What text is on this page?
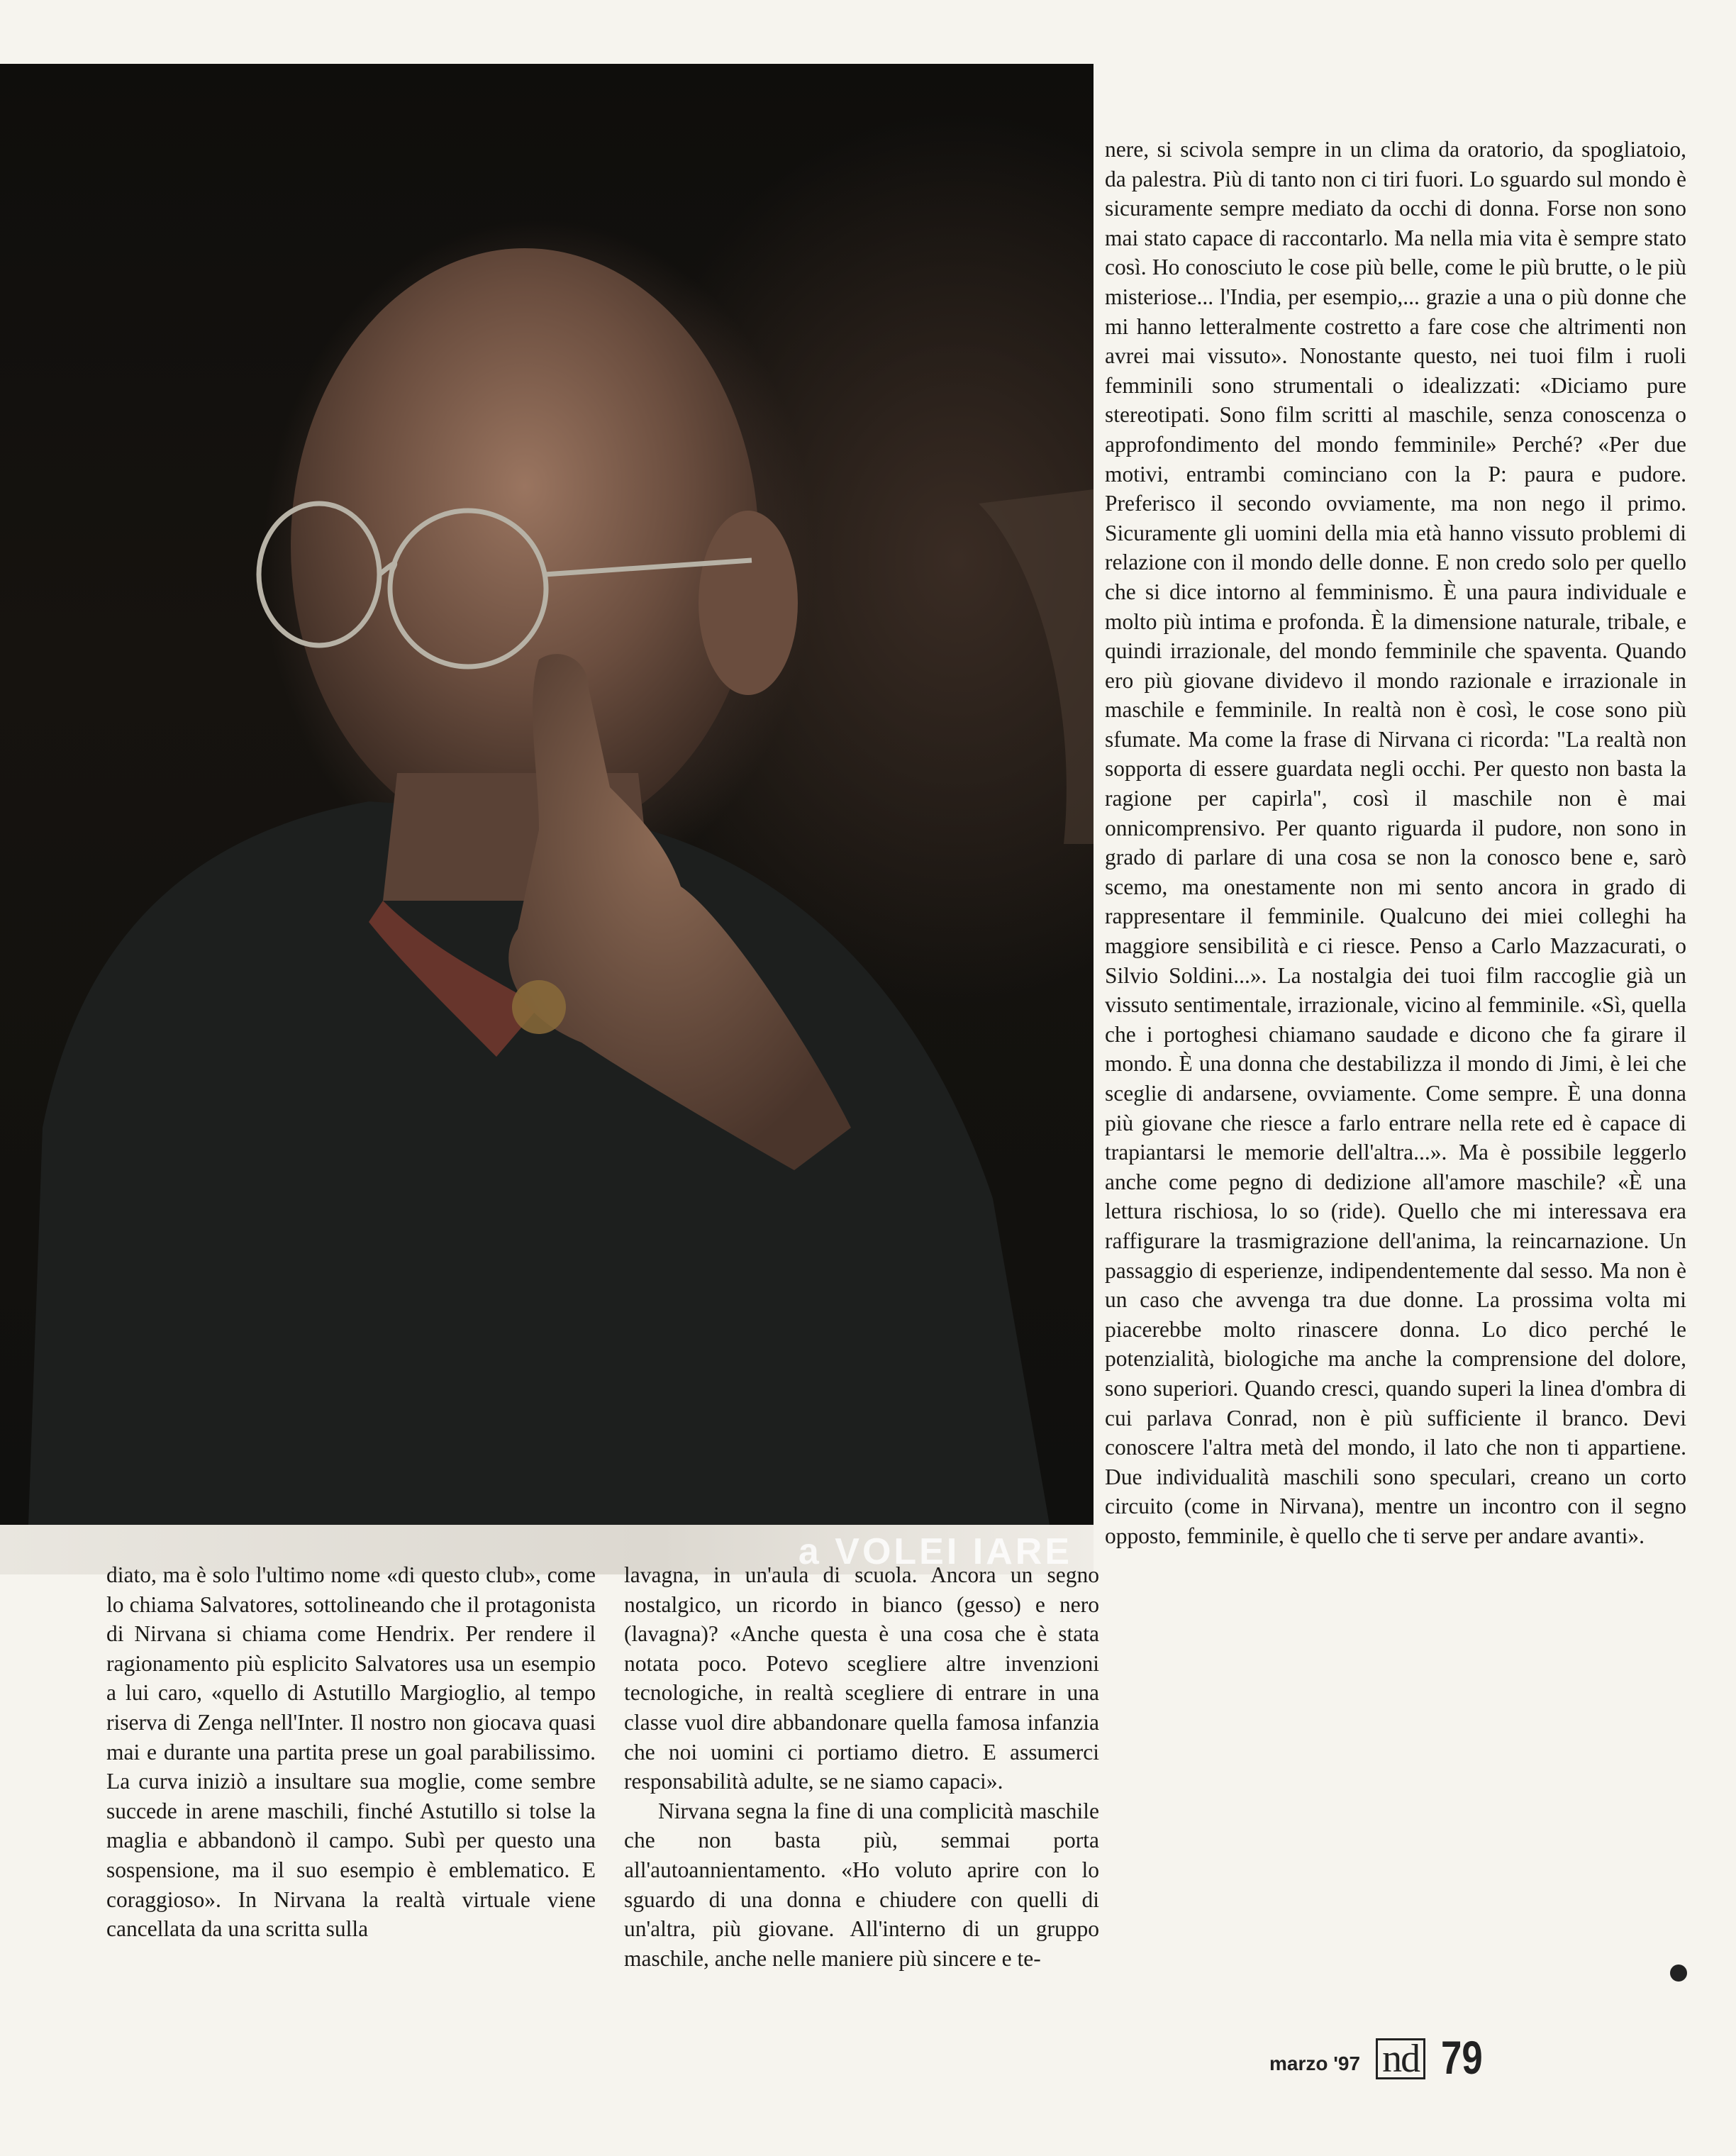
a VOLEI IARE

nere, si scivola sempre in un clima da oratorio, da spogliatoio, da palestra. Più di tanto non ci tiri fuori. Lo sguardo sul mondo è sicuramente sempre mediato da occhi di donna. Forse non sono mai stato capace di raccontarlo. Ma nella mia vita è sempre stato così. Ho conosciuto le cose più belle, come le più brutte, o le più misteriose... l'India, per esempio,... grazie a una o più donne che mi hanno letteralmente costretto a fare cose che altrimenti non avrei mai vissuto». Nonostante questo, nei tuoi film i ruoli femminili sono strumentali o idealizzati: «Diciamo pure stereotipati. Sono film scritti al maschile, senza conoscenza o approfondimento del mondo femminile» Perché? «Per due motivi, entrambi cominciano con la P: paura e pudore. Preferisco il secondo ovviamente, ma non nego il primo. Sicuramente gli uomini della mia età hanno vissuto problemi di relazione con il mondo delle donne. E non credo solo per quello che si dice intorno al femminismo. È una paura individuale e molto più intima e profonda. È la dimensione naturale, tribale, e quindi irrazionale, del mondo femminile che spaventa. Quando ero più giovane dividevo il mondo razionale e irrazionale in maschile e femminile. In realtà non è così, le cose sono più sfumate. Ma come la frase di Nirvana ci ricorda: "La realtà non sopporta di essere guardata negli occhi. Per questo non basta la ragione per capirla", così il maschile non è mai onnicomprensivo. Per quanto riguarda il pudore, non sono in grado di parlare di una cosa se non la conosco bene e, sarò scemo, ma onestamente non mi sento ancora in grado di rappresentare il femminile. Qualcuno dei miei colleghi ha maggiore sensibilità e ci riesce. Penso a Carlo Mazzacurati, o Silvio Soldini...». La nostalgia dei tuoi film raccoglie già un vissuto sentimentale, irrazionale, vicino al femminile. «Sì, quella che i portoghesi chiamano saudade e dicono che fa girare il mondo. È una donna che destabilizza il mondo di Jimi, è lei che sceglie di andarsene, ovviamente. Come sempre. È una donna più giovane che riesce a farlo entrare nella rete ed è capace di trapiantarsi le memorie dell'altra...». Ma è possibile leggerlo anche come pegno di dedizione all'amore maschile? «È una lettura rischiosa, lo so (ride). Quello che mi interessava era raffigurare la trasmigrazione dell'anima, la reincarnazione. Un passaggio di esperienze, indipendentemente dal sesso. Ma non è un caso che avvenga tra due donne. La prossima volta mi piacerebbe molto rinascere donna. Lo dico perché le potenzialità, biologiche ma anche la comprensione del dolore, sono superiori. Quando cresci, quando superi la linea d'ombra di cui parlava Conrad, non è più sufficiente il branco. Devi conoscere l'altra metà del mondo, il lato che non ti appartiene. Due individualità maschili sono speculari, creano un corto circuito (come in Nirvana), mentre un incontro con il segno opposto, femminile, è quello che ti serve per andare avanti».

diato, ma è solo l'ultimo nome «di questo club», come lo chiama Salvatores, sottolineando che il protagonista di Nirvana si chiama come Hendrix. Per rendere il ragionamento più esplicito Salvatores usa un esempio a lui caro, «quello di Astutillo Margioglio, al tempo riserva di Zenga nell'Inter. Il nostro non giocava quasi mai e durante una partita prese un goal parabilissimo. La curva iniziò a insultare sua moglie, come sembre succede in arene maschili, finché Astutillo si tolse la maglia e abbandonò il campo. Subì per questo una sospensione, ma il suo esempio è emblematico. E coraggioso». In Nirvana la realtà virtuale viene cancellata da una scritta sulla

lavagna, in un'aula di scuola. Ancora un segno nostalgico, un ricordo in bianco (gesso) e nero (lavagna)? «Anche questa è una cosa che è stata notata poco. Potevo scegliere altre invenzioni tecnologiche, in realtà scegliere di entrare in una classe vuol dire abbandonare quella famosa infanzia che noi uomini ci portiamo dietro. E assumerci responsabilità adulte, se ne siamo capaci».

Nirvana segna la fine di una complicità maschile che non basta più, semmai porta all'autoannientamento. «Ho voluto aprire con lo sguardo di una donna e chiudere con quelli di un'altra, più giovane. All'interno di un gruppo maschile, anche nelle maniere più sincere e te-

marzo '97 nd 79
